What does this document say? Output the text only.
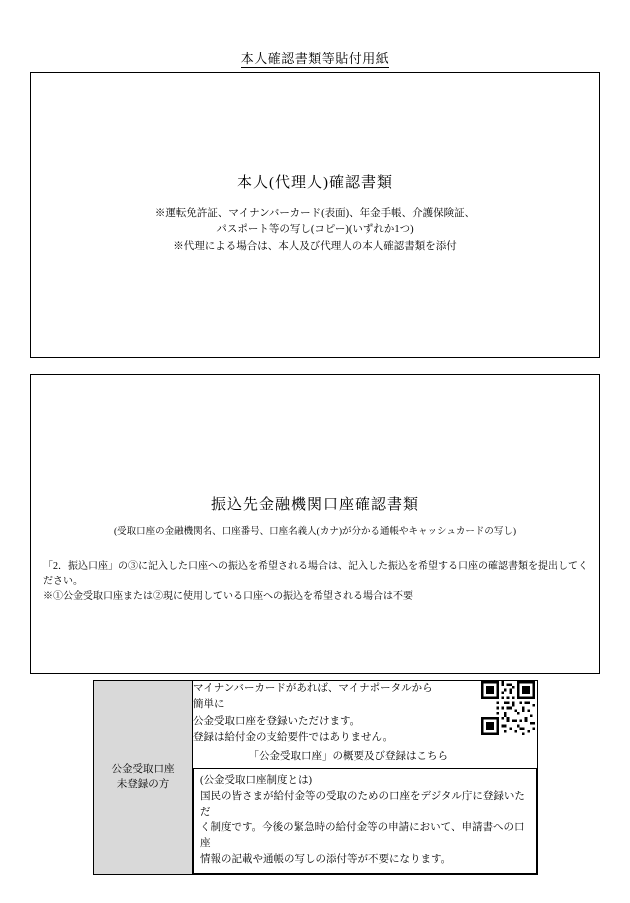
本人確認書類等貼付用紙
本人(代理人)確認書類
※運転免許証、マイナンバーカード(表面)、年金手帳、介護保険証、
パスポート等の写し(コピー)(いずれか1つ)
※代理による場合は、本人及び代理人の本人確認書類を添付
振込先金融機関口座確認書類
(受取口座の金融機関名、口座番号、口座名義人(カナ)が分かる通帳やキャッシュカードの写し)
「2．振込口座」の③に記入した口座への振込を希望される場合は、記入した振込を希望する口座の確認書類を提出してください。
※①公金受取口座または②現に使用している口座への振込を希望される場合は不要
公金受取口座
未登録の方

マイナンバーカードがあれば、マイナポータルから簡単に
公金受取口座を登録いただけます。
登録は給付金の支給要件ではありません。
「公金受取口座」の概要及び登録はこちら
(公金受取口座制度とは)
国民の皆さまが給付金等の受取のための口座をデジタル庁に登録いただ
く制度です。今後の緊急時の給付金等の申請において、申請書への口座
情報の記載や通帳の写しの添付等が不要になります。
